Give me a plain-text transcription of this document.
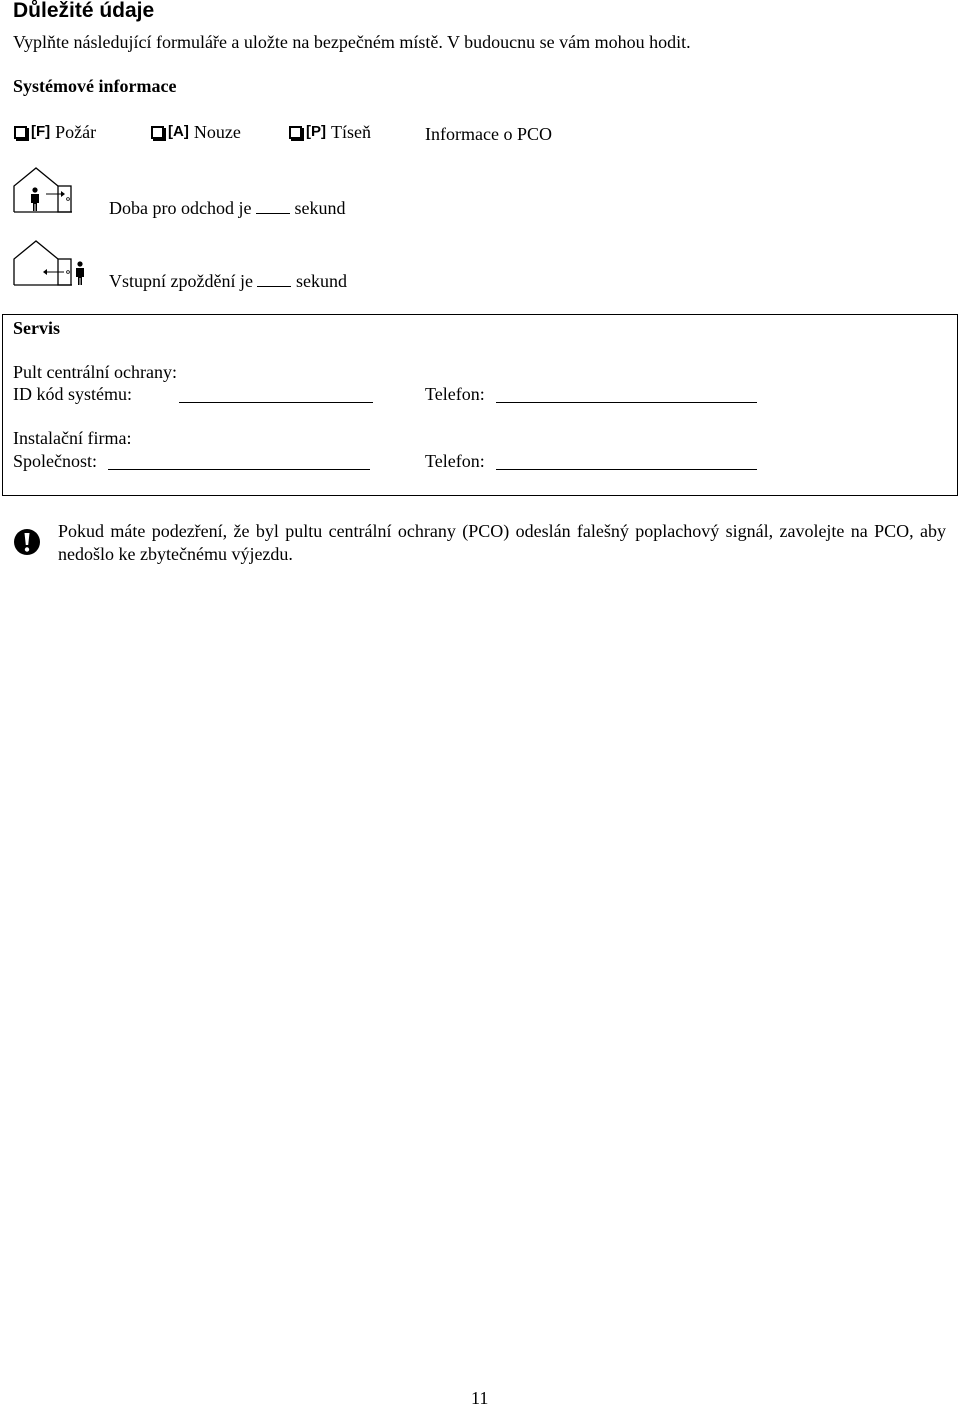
Důležité údaje
Vyplňte následující formuláře a uložte na bezpečném místě. V budoucnu se vám mohou hodit.
Systémové informace
[F] Požár	[A] Nouze	[P] Tíseň	Informace o PCO
Doba pro odchod je sekund
Vstupní zpoždění je sekund
Servis
Pult centrální ochrany:
ID kód systému:	Telefon:
Instalační firma:
Společnost:	Telefon:
Pokud máte podezření, že byl pultu centrální ochrany (PCO) odeslán falešný poplachový signál, zavolejte na PCO, aby nedošlo ke zbytečnému výjezdu.
11
